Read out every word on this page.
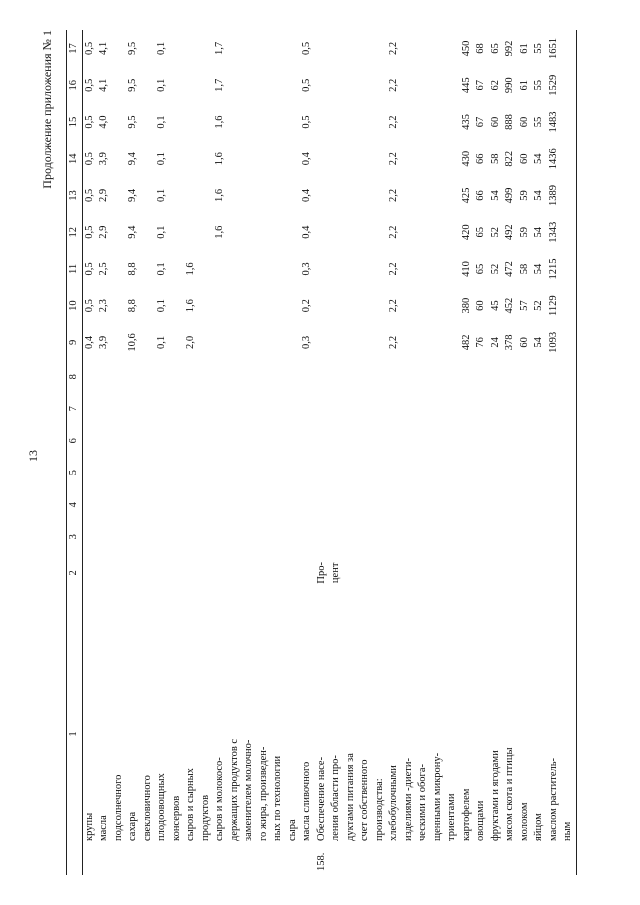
13
Продолжение приложения № 1
1	2	3	4	5	6	7	8	9	10	11	12	13	14	15	16	17
крупы								0,4	0,5	0,5	0,5	0,5	0,5	0,5	0,5	0,5
масла								3,9	2,3	2,5	2,9	2,9	3,9	4,0	4,1	4,1
подсолнечного																
сахара								10,6	8,8	8,8	9,4	9,4	9,4	9,5	9,5	9,5
свекловичного																
плодоовощных								0,1	0,1	0,1	0,1	0,1	0,1	0,1	0,1	0,1
консервов																
сыров и сырных								2,0	1,6	1,6						
продуктов																
сыров и молокосо-											1,6	1,6	1,6	1,6	1,7	1,7
держащих продуктов с																
заменителем молочно-																
го жира, произведен-																
ных по технологии																
сыра																
масла сливочного								0,3	0,2	0,3	0,4	0,4	0,4	0,5	0,5	0,5
158.Обеспечение насе-	Про-															
ления области про-	цент															
дуктами питания за																
счет собственного																
производства:																
хлебобулочными								2,2	2,2	2,2	2,2	2,2	2,2	2,2	2,2	2,2
изделиями -диети-																
ческими и обога-																
щенными микрону-																
триентами																
картофелем								482	380	410	420	425	430	435	445	450
овощами								76	60	65	65	66	66	67	67	68
фруктами и ягодами								24	45	52	52	54	58	60	62	65
мясом скота и птицы								378	452	472	492	499	822	888	990	992
молоком								60	57	58	59	59	60	60	61	61
яйцом								54	52	54	54	54	54	55	55	55
маслом раститель-								1093	1129	1215	1343	1389	1436	1483	1529	1651
ным																
